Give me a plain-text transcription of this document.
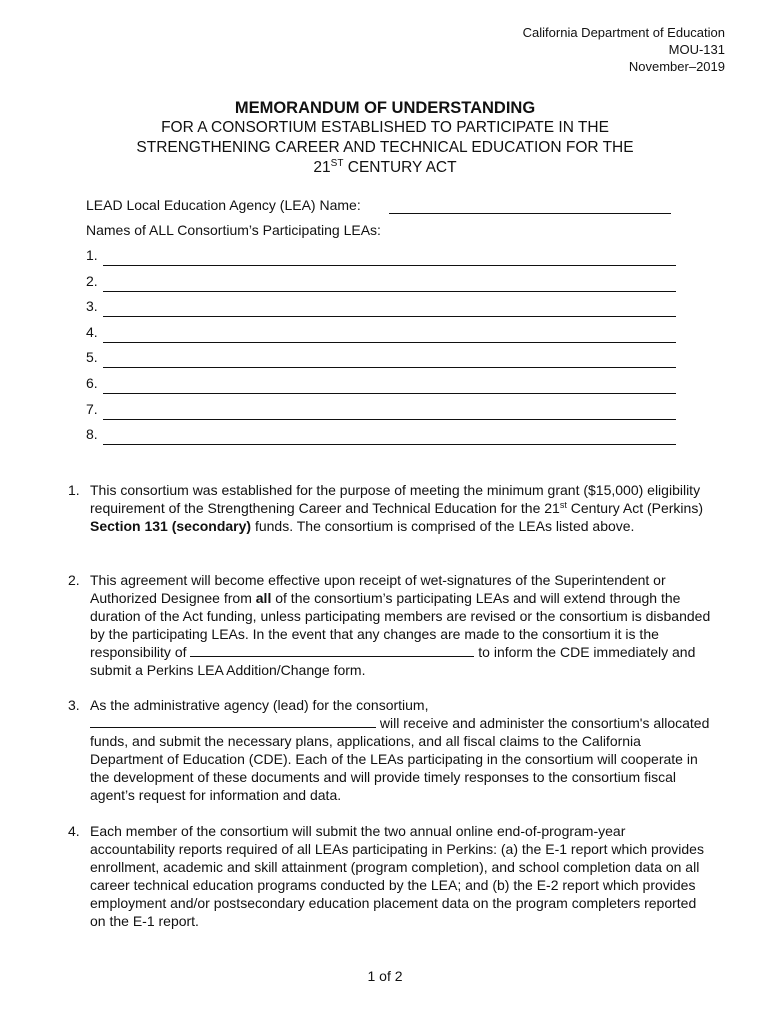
California Department of Education
MOU-131
November–2019
MEMORANDUM OF UNDERSTANDING
FOR A CONSORTIUM ESTABLISHED TO PARTICIPATE IN THE
STRENGTHENING CAREER AND TECHNICAL EDUCATION FOR THE
21ST CENTURY ACT
LEAD Local Education Agency (LEA) Name:
Names of ALL Consortium’s Participating LEAs:
1.
2.
3.
4.
5.
6.
7.
8.
1. This consortium was established for the purpose of meeting the minimum grant ($15,000) eligibility requirement of the Strengthening Career and Technical Education for the 21st Century Act (Perkins) Section 131 (secondary) funds. The consortium is comprised of the LEAs listed above.
2. This agreement will become effective upon receipt of wet-signatures of the Superintendent or Authorized Designee from all of the consortium’s participating LEAs and will extend through the duration of the Act funding, unless participating members are revised or the consortium is disbanded by the participating LEAs. In the event that any changes are made to the consortium it is the responsibility of	to inform the CDE immediately and submit a Perkins LEA Addition/Change form.
3. As the administrative agency (lead) for the consortium,
will receive and administer the consortium's allocated funds, and submit the necessary plans, applications, and all fiscal claims to the California Department of Education (CDE). Each of the LEAs participating in the consortium will cooperate in the development of these documents and will provide timely responses to the consortium fiscal agent’s request for information and data.
4. Each member of the consortium will submit the two annual online end-of-program-year accountability reports required of all LEAs participating in Perkins: (a) the E-1 report which provides enrollment, academic and skill attainment (program completion), and school completion data on all career technical education programs conducted by the LEA; and (b) the E-2 report which provides employment and/or postsecondary education placement data on the program completers reported on the E-1 report.
1 of 2
